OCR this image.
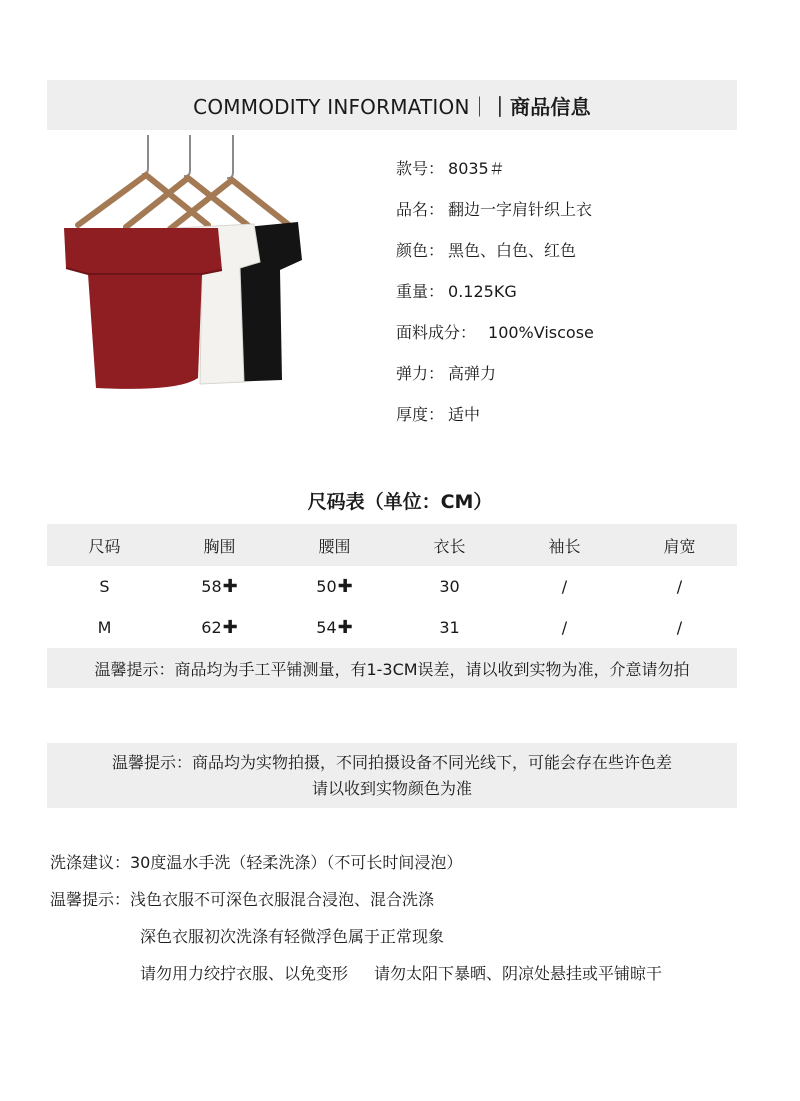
COMMODITY INFORMATION｜｜商品信息
款号： 8035＃
品名： 翻边一字肩针织上衣
颜色： 黑色、白色、红色
重量： 0.125KG
面料成分： 100%Viscose
弹力： 高弹力
厚度： 适中
尺码表（单位：CM）
尺码	胸围	腰围	衣长	袖长	肩宽
S	58✚	50✚	30	/	/
M	62✚	54✚	31	/	/
温馨提示：商品均为手工平铺测量，有1-3CM误差，请以收到实物为准，介意请勿拍
温馨提示：商品均为实物拍摄，不同拍摄设备不同光线下，可能会存在些许色差
请以收到实物颜色为准
洗涤建议：30度温水手洗（轻柔洗涤）（不可长时间浸泡）
温馨提示：浅色衣服不可深色衣服混合浸泡、混合洗涤
深色衣服初次洗涤有轻微浮色属于正常现象
请勿用力绞拧衣服、以免变形 请勿太阳下暴晒、阴凉处悬挂或平铺晾干
